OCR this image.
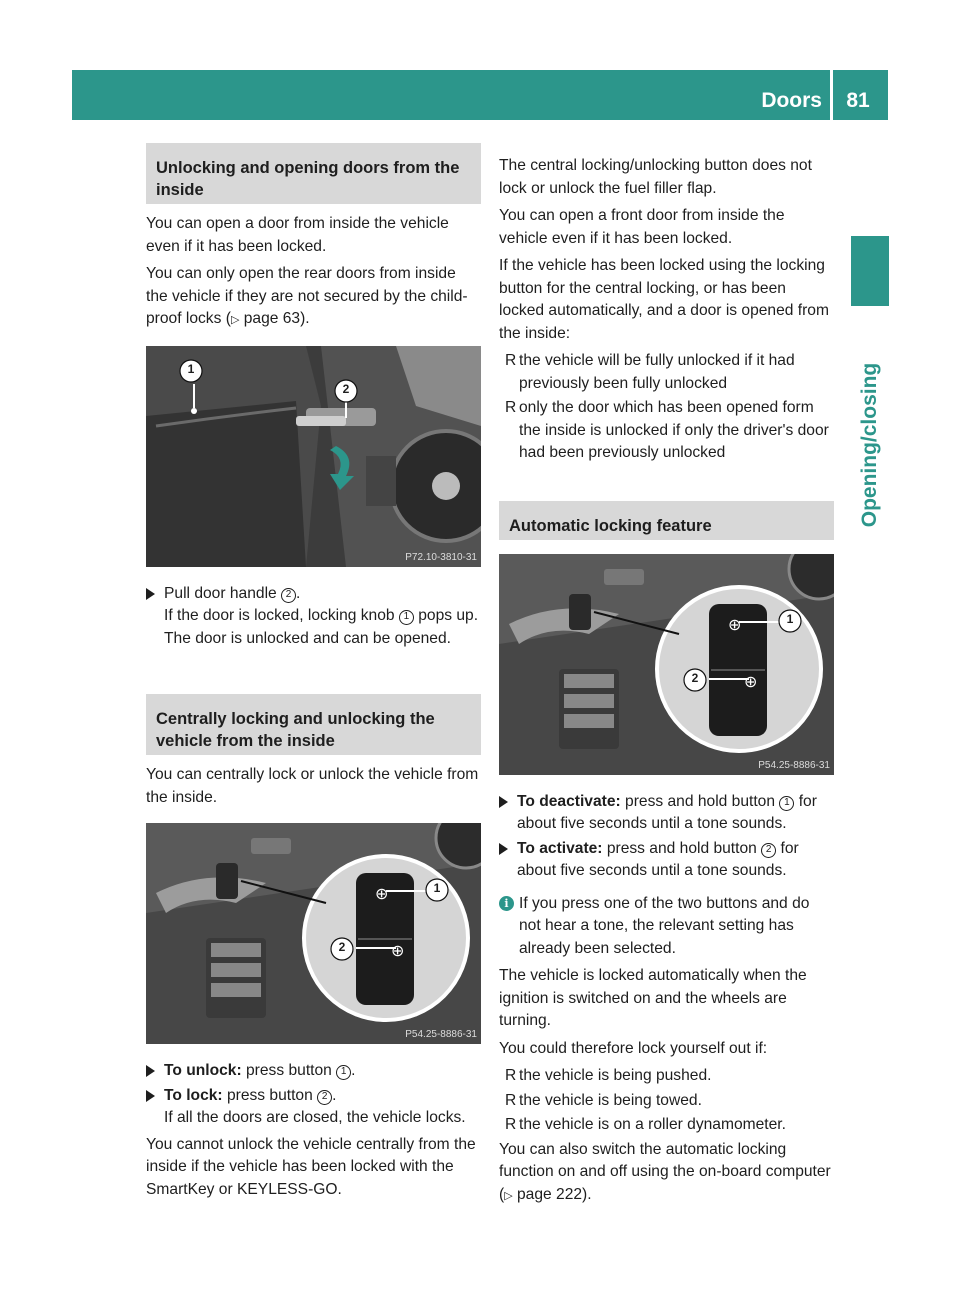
Doors	81
Opening/closing
Unlocking and opening doors from the inside

You can open a door from inside the vehicle even if it has been locked.

You can only open the rear doors from inside the vehicle if they are not secured by the child-proof locks (▷ page 63).

1
2
P72.10-3810-31
Pull door handle 2 .
If the door is locked, locking knob 1 pops up. The door is unlocked and can be opened.
Centrally locking and unlocking the vehicle from the inside

You can centrally lock or unlock the vehicle from the inside.

⊕
⊕
1
2
P54.25-8886-31
To unlock: press button 1 .
To lock: press button 2 .
If all the doors are closed, the vehicle locks.

You cannot unlock the vehicle centrally from the inside if the vehicle has been locked with the SmartKey or KEYLESS-GO.

The central locking/unlocking button does not lock or unlock the fuel filler flap.

You can open a front door from inside the vehicle even if it has been locked.

If the vehicle has been locked using the locking button for the central locking, or has been locked automatically, and a door is opened from the inside:

R the vehicle will be fully unlocked if it had previously been fully unlocked
R only the door which has been opened form the inside is unlocked if only the driver's door had been previously unlocked
Automatic locking feature
⊕
⊕
1
2
P54.25-8886-31
To deactivate: press and hold button 1 for about five seconds until a tone sounds.
To activate: press and hold button 2 for about five seconds until a tone sounds.
i If you press one of the two buttons and do not hear a tone, the relevant setting has already been selected.

The vehicle is locked automatically when the ignition is switched on and the wheels are turning.

You could therefore lock yourself out if:

R the vehicle is being pushed.
R the vehicle is being towed.
R the vehicle is on a roller dynamometer.

You can also switch the automatic locking function on and off using the on-board computer (▷ page 222).
